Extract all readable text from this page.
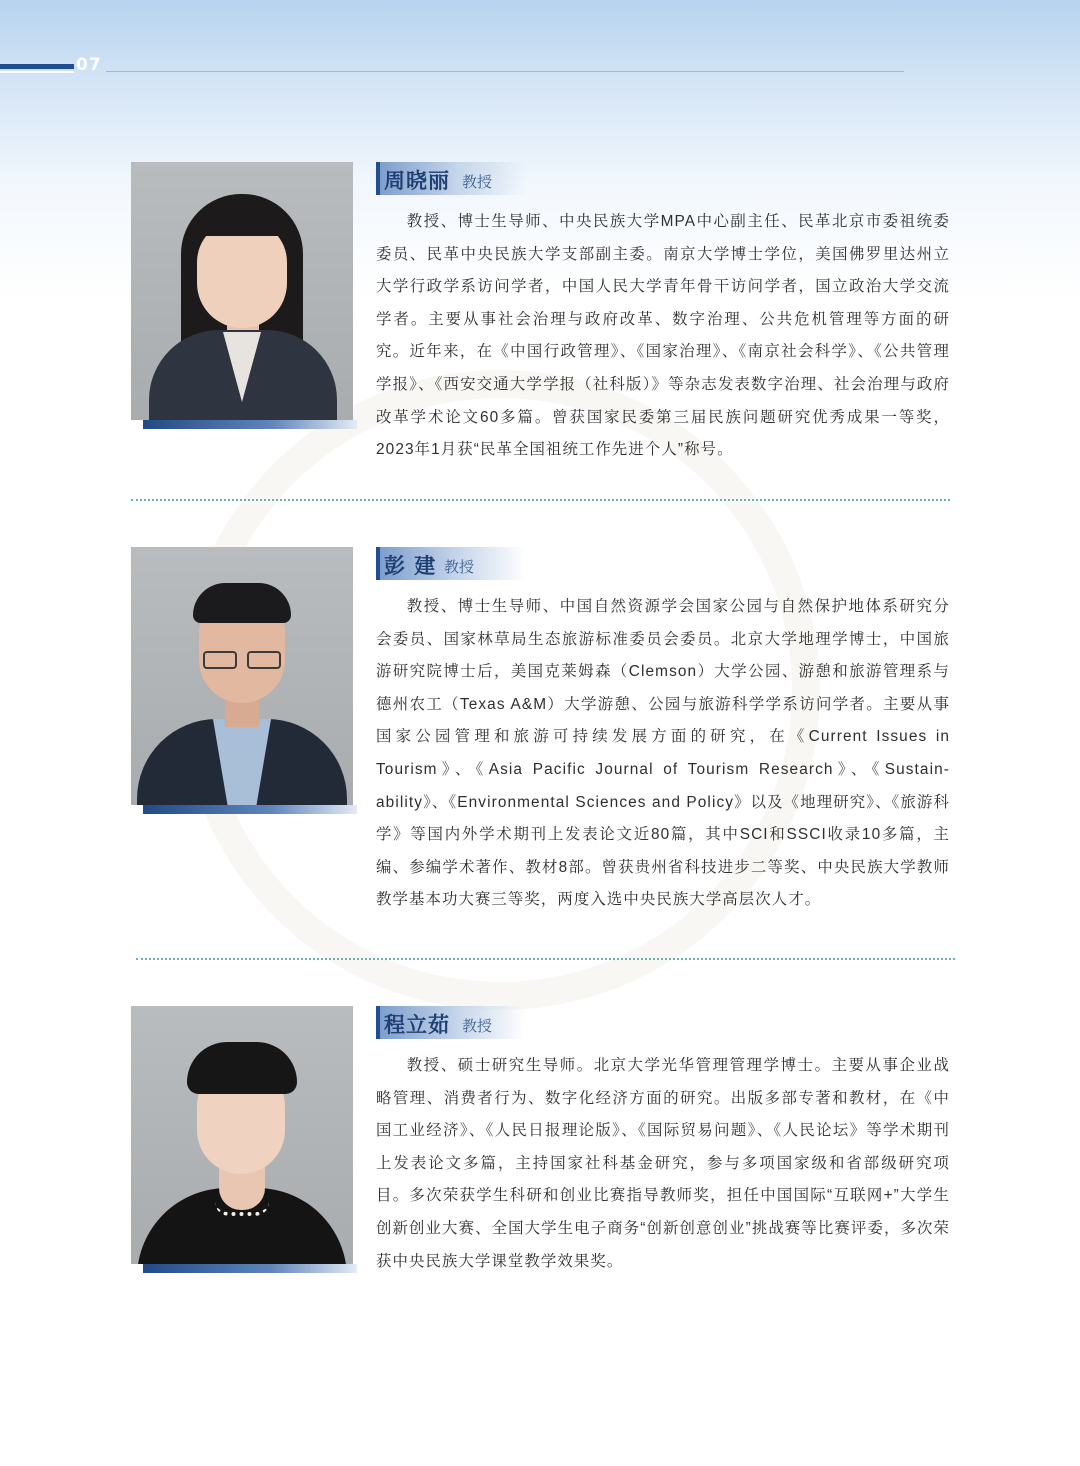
07
周晓丽 教授

教授、博士生导师、中央民族大学MPA中心副主任、民革北京市委祖统委委员、民革中央民族大学支部副主委。南京大学博士学位，美国佛罗里达州立大学行政学系访问学者，中国人民大学青年骨干访问学者，国立政治大学交流学者。主要从事社会治理与政府改革、数字治理、公共危机管理等方面的研究。近年来，在《中国行政管理》、《国家治理》、《南京社会科学》、《公共管理学报》、《西安交通大学学报（社科版）》等杂志发表数字治理、社会治理与政府改革学术论文60多篇。曾获国家民委第三届民族问题研究优秀成果一等奖，2023年1月获“民革全国祖统工作先进个人”称号。

彭 建 教授

教授、博士生导师、中国自然资源学会国家公园与自然保护地体系研究分会委员、国家林草局生态旅游标准委员会委员。北京大学地理学博士，中国旅游研究院博士后，美国克莱姆森（Clemson）大学公园、游憩和旅游管理系与德州农工（Texas A&M）大学游憩、公园与旅游科学学系访问学者。主要从事国家公园管理和旅游可持续发展方面的研究，在《Current Issues in Tourism》、《Asia Pacific Journal of Tourism Research》、《Sustain-ability》、《Environmental Sciences and Policy》以及《地理研究》、《旅游科学》等国内外学术期刊上发表论文近80篇，其中SCI和SSCI收录10多篇，主编、参编学术著作、教材8部。曾获贵州省科技进步二等奖、中央民族大学教师教学基本功大赛三等奖，两度入选中央民族大学高层次人才。

程立茹 教授

教授、硕士研究生导师。北京大学光华管理管理学博士。主要从事企业战略管理、消费者行为、数字化经济方面的研究。出版多部专著和教材，在《中国工业经济》、《人民日报理论版》、《国际贸易问题》、《人民论坛》等学术期刊上发表论文多篇，主持国家社科基金研究，参与多项国家级和省部级研究项目。多次荣获学生科研和创业比赛指导教师奖，担任中国国际“互联网+”大学生创新创业大赛、全国大学生电子商务“创新创意创业”挑战赛等比赛评委，多次荣获中央民族大学课堂教学效果奖。
